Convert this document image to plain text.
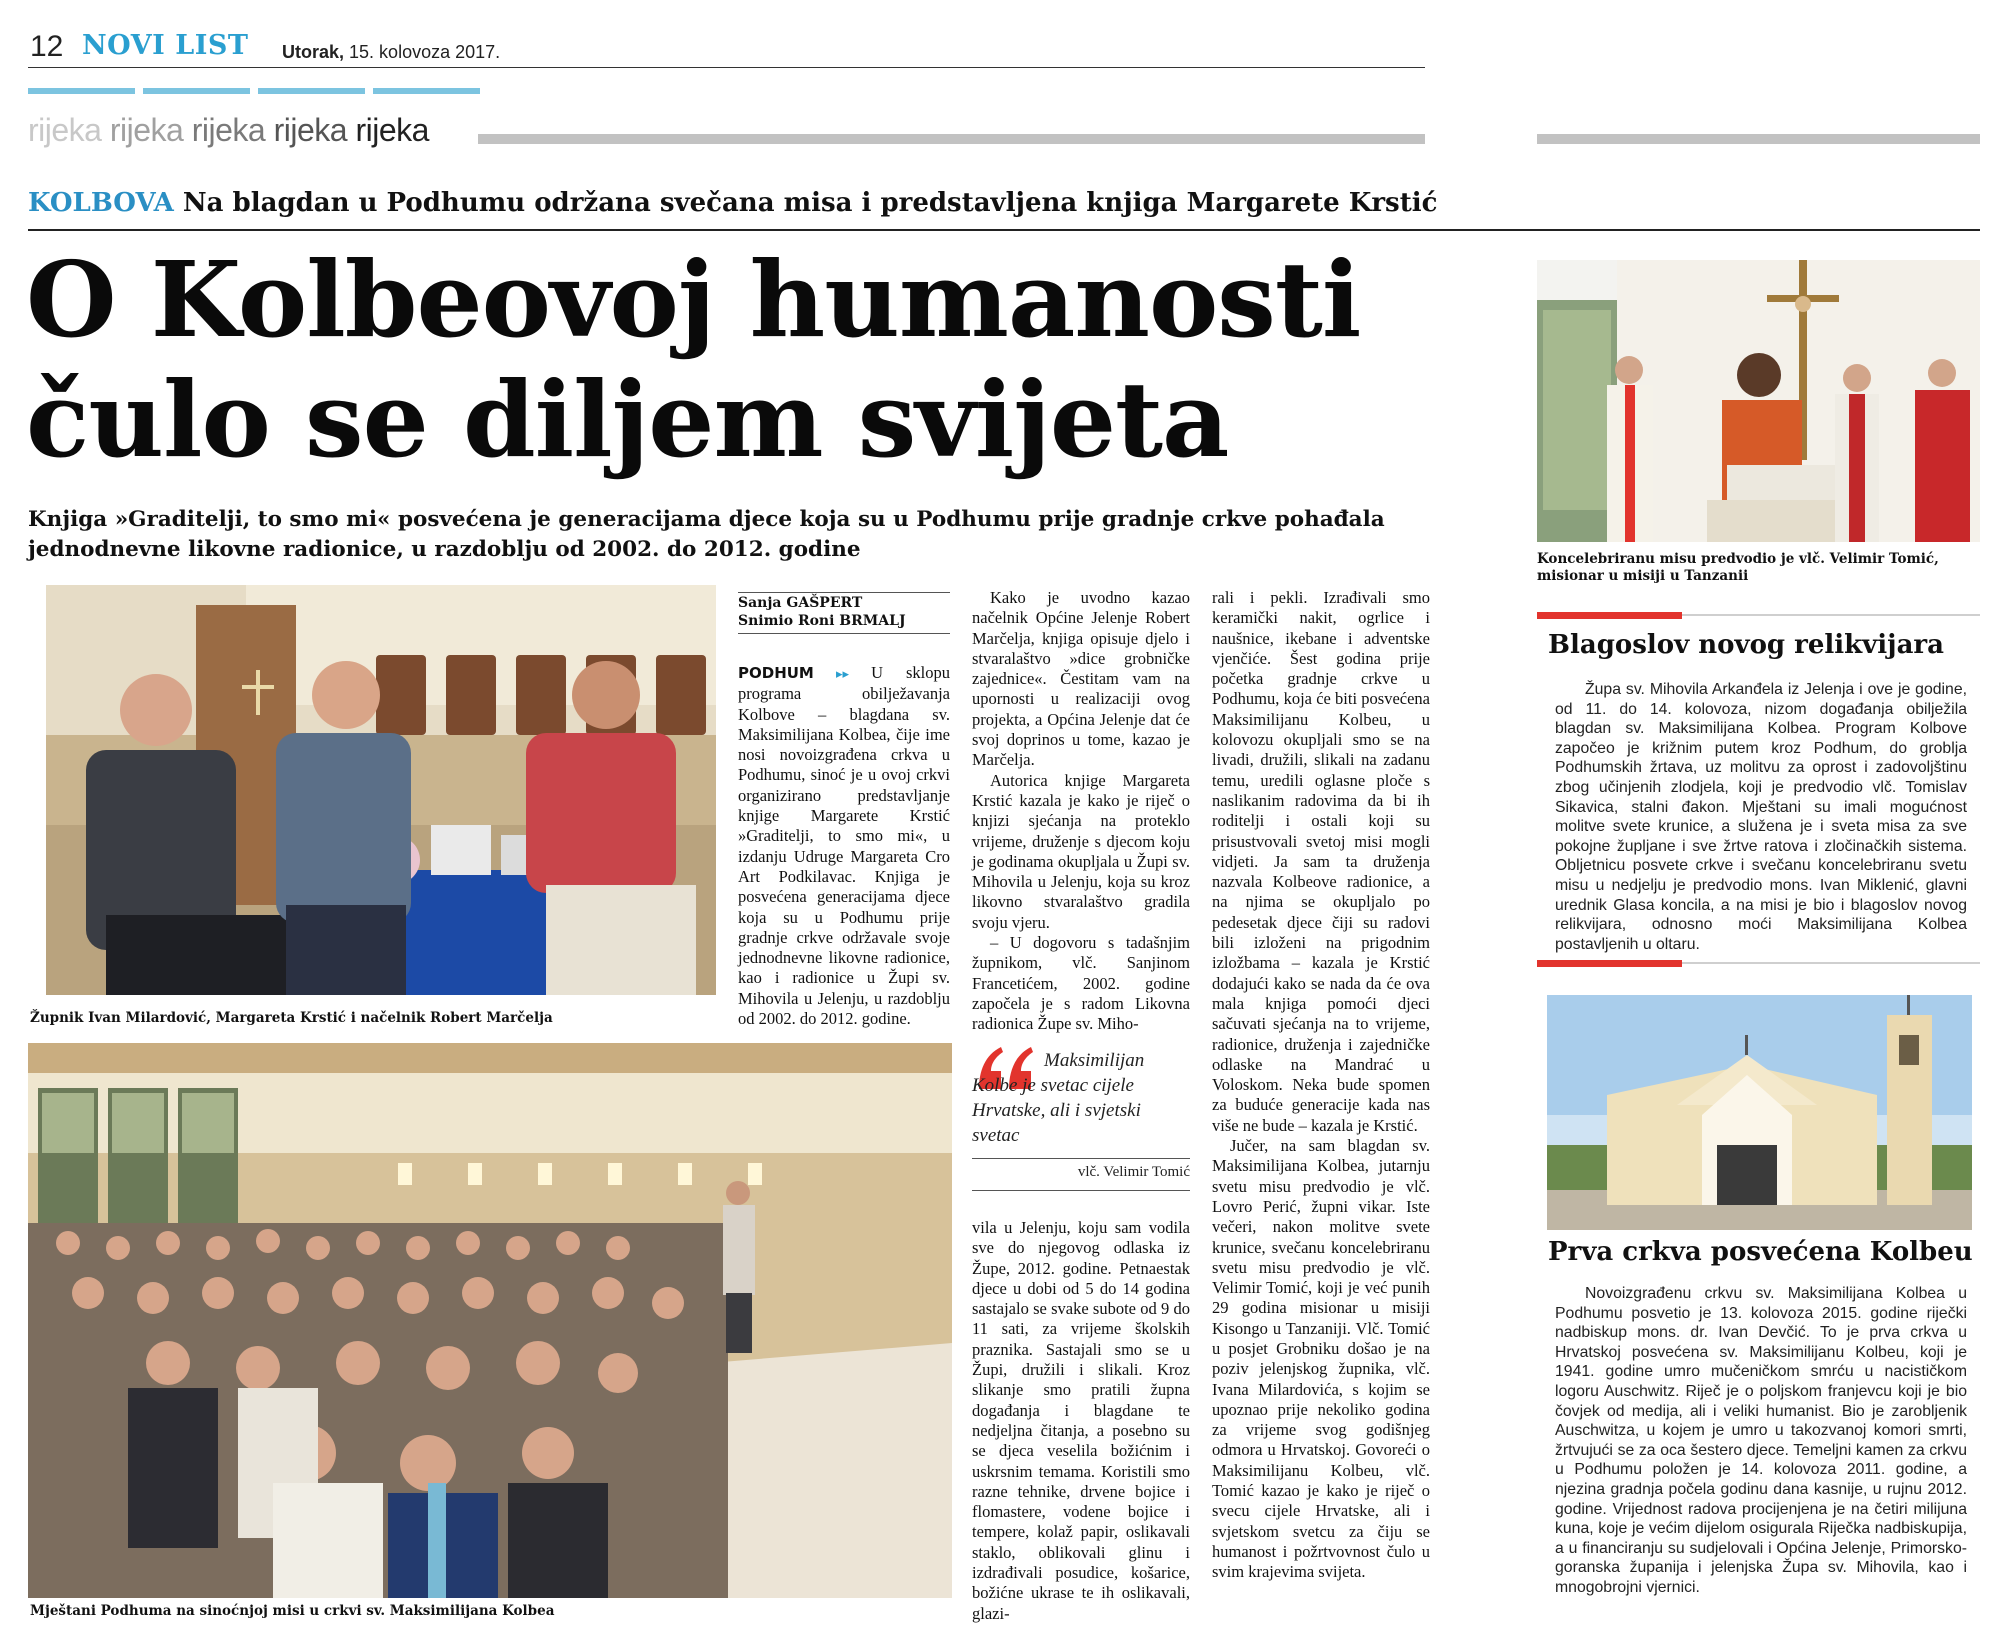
12 NOVI LIST Utorak, 15. kolovoza 2017.
rijeka rijeka rijeka rijeka rijeka
KOLBOVA Na blagdan u Podhumu održana svečana misa i predstavljena knjiga Margarete Krstić
O Kolbeovoj humanosti
čulo se diljem svijeta
Knjiga »Graditelji, to smo mi« posvećena je generacijama djece koja su u Podhumu prije gradnje crkve pohađala jednodnevne likovne radionice, u razdoblju od 2002. do 2012. godine
Župnik Ivan Milardović, Margareta Krstić i načelnik Robert Marčelja
Mještani Podhuma na sinoćnjoj misi u crkvi sv. Maksimilijana Kolbea
Sanja GAŠPERT
Snimio Roni BRMALJ
PODHUM ▸▸ U sklopu programa obilježavanja Kolbove – blagdana sv. Maksimilijana Kolbea, čije ime nosi novoizgrađena crkva u Podhumu, sinoć je u ovoj crkvi organizirano predstavljanje knjige Margarete Krstić »Graditelji, to smo mi«, u izdanju Udruge Margareta Cro Art Podkilavac. Knjiga je posvećena generacijama djece koja su u Podhumu prije gradnje crkve održavale svoje jednodnevne likovne radionice, kao i radionice u Župi sv. Mihovila u Jelenju, u razdoblju od 2002. do 2012. godine.
Kako je uvodno kazao načelnik Općine Jelenje Robert Marčelja, knjiga opisuje djelo i stvaralaštvo »dice grobničke zajednice«. Čestitam vam na upornosti u realizaciji ovog projekta, a Općina Jelenje dat će svoj doprinos u tome, kazao je Marčelja.
Autorica knjige Margareta Krstić kazala je kako je riječ o knjizi sjećanja na proteklo vrijeme, druženje s djecom koju je godinama okupljala u Župi sv. Mihovila u Jelenju, koja su kroz likovno stvaralaštvo gradila svoju vjeru.
– U dogovoru s tadašnjim župnikom, vlč. Sanjinom Francetićem, 2002. godine započela je s radom Likovna radionica Župe sv. Miho-
Maksimilijan Kolbe je svetac cijele Hrvatske, ali i svjetski svetac
vlč. Velimir Tomić
vila u Jelenju, koju sam vodila sve do njegovog odlaska iz Župe, 2012. godine. Petnaestak djece u dobi od 5 do 14 godina sastajalo se svake subote od 9 do 11 sati, za vrijeme školskih praznika. Sastajali smo se u Župi, družili i slikali. Kroz slikanje smo pratili župna događanja i blagdane te nedjeljna čitanja, a posebno su se djeca veselila božićnim i uskrsnim temama. Koristili smo razne tehnike, drvene bojice i flomastere, vodene bojice i tempere, kolaž papir, oslikavali staklo, oblikovali glinu i izdrađivali posudice, košarice, božićne ukrase te ih oslikavali, glazi-
rali i pekli. Izrađivali smo keramički nakit, ogrlice i naušnice, ikebane i adventske vjenčiće. Šest godina prije početka gradnje crkve u Podhumu, koja će biti posvećena Maksimilijanu Kolbeu, u kolovozu okupljali smo se na livadi, družili, slikali na zadanu temu, uredili oglasne ploče s naslikanim radovima da bi ih roditelji i ostali koji su prisustvovali svetoj misi mogli vidjeti. Ja sam ta druženja nazvala Kolbeove radionice, a na njima se okupljalo po pedesetak djece čiji su radovi bili izloženi na prigodnim izložbama – kazala je Krstić dodajući kako se nada da će ova mala knjiga pomoći djeci sačuvati sjećanja na to vrijeme, radionice, druženja i zajedničke odlaske na Mandrać u Voloskom. Neka bude spomen za buduće generacije kada nas više ne bude – kazala je Krstić.
Jučer, na sam blagdan sv. Maksimilijana Kolbea, jutarnju svetu misu predvodio je vlč. Lovro Perić, župni vikar. Iste večeri, nakon molitve svete krunice, svečanu koncelebriranu svetu misu predvodio je vlč. Velimir Tomić, koji je već punih 29 godina misionar u misiji Kisongo u Tanzaniji. Vlč. Tomić u posjet Grobniku došao je na poziv jelenjskog župnika, vlč. Ivana Milardovića, s kojim se upoznao prije nekoliko godina za vrijeme svog godišnjeg odmora u Hrvatskoj. Govoreći o Maksimilijanu Kolbeu, vlč. Tomić kazao je kako je riječ o svecu cijele Hrvatske, ali i svjetskom svetcu za čiju se humanost i požrtvovnost čulo u svim krajevima svijeta.
Koncelebriranu misu predvodio je vlč. Velimir Tomić, misionar u misiji u Tanzanii
Blagoslov novog relikvijara
Župa sv. Mihovila Arkanđela iz Jelenja i ove je godine, od 11. do 14. kolovoza, nizom događanja obilježila blagdan sv. Maksimilijana Kolbea. Program Kolbove započeo je križnim putem kroz Podhum, do groblja Podhumskih žrtava, uz molitvu za oprost i zadovoljštinu zbog učinjenih zlodjela, koji je predvodio vlč. Tomislav Sikavica, stalni đakon. Mještani su imali mogućnost molitve svete krunice, a služena je i sveta misa za sve pokojne župljane i sve žrtve ratova i zločinačkih sistema. Obljetnicu posvete crkve i svečanu koncelebriranu svetu misu u nedjelju je predvodio mons. Ivan Miklenić, glavni urednik Glasa koncila, a na misi je bio i blagoslov novog relikvijara, odnosno moći Maksimilijana Kolbea postavljenih u oltaru.
Prva crkva posvećena Kolbeu
Novoizgrađenu crkvu sv. Maksimilijana Kolbea u Podhumu posvetio je 13. kolovoza 2015. godine riječki nadbiskup mons. dr. Ivan Devčić. To je prva crkva u Hrvatskoj posvećena sv. Maksimilijanu Kolbeu, koji je 1941. godine umro mučeničkom smrću u nacističkom logoru Auschwitz. Riječ je o poljskom franjevcu koji je bio čovjek od medija, ali i veliki humanist. Bio je zarobljenik Auschwitza, u kojem je umro u takozvanoj komori smrti, žrtvujući se za oca šestero djece. Temeljni kamen za crkvu u Podhumu položen je 14. kolovoza 2011. godine, a njezina gradnja počela godinu dana kasnije, u rujnu 2012. godine. Vrijednost radova procijenjena je na četiri milijuna kuna, koje je većim dijelom osigurala Riječka nadbiskupija, a u financiranju su sudjelovali i Općina Jelenje, Primorsko-goranska županija i jelenjska Župa sv. Mihovila, kao i mnogobrojni vjernici.
